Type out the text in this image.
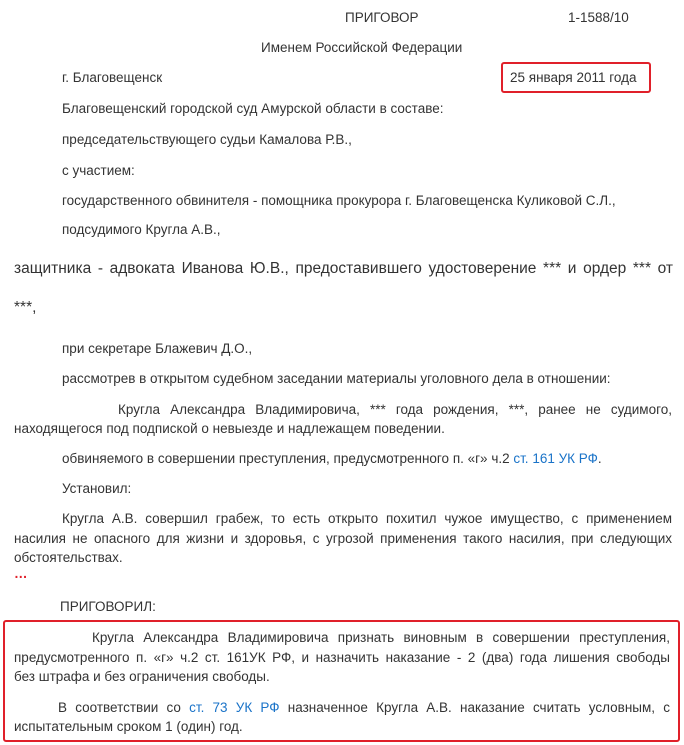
ПРИГОВОР	1-1588/10
Именем Российской Федерации
г. Благовещенск	25 января 2011 года
Благовещенский городской суд Амурской области в составе:
председательствующего судьи Камалова Р.В.,
с участием:
государственного обвинителя - помощника прокурора г. Благовещенска Куликовой С.Л.,
подсудимого Кругла А.В.,
защитника - адвоката Иванова Ю.В., предоставившего удостоверение *** и ордер *** от
***,
при секретаре Блажевич Д.О.,
рассмотрев в открытом судебном заседании материалы уголовного дела в отношении:
Кругла Александра Владимировича, *** года рождения, ***, ранее не судимого,
находящегося под подпиской о невыезде и надлежащем поведении.
обвиняемого в совершении преступления, предусмотренного п. «г» ч.2 ст. 161 УК РФ.
Установил:
Кругла А.В. совершил грабеж, то есть открыто похитил чужое имущество, с применением
насилия не опасного для жизни и здоровья, с угрозой применения такого насилия, при следующих
обстоятельствах.
…
ПРИГОВОРИЛ:
Кругла Александра Владимировича признать виновным в совершении преступления,
предусмотренного п. «г» ч.2 ст. 161УК РФ, и назначить наказание - 2 (два) года лишения свободы
без штрафа и без ограничения свободы.
В соответствии со ст. 73 УК РФ назначенное Кругла А.В. наказание считать условным, с
испытательным сроком 1 (один) год.
